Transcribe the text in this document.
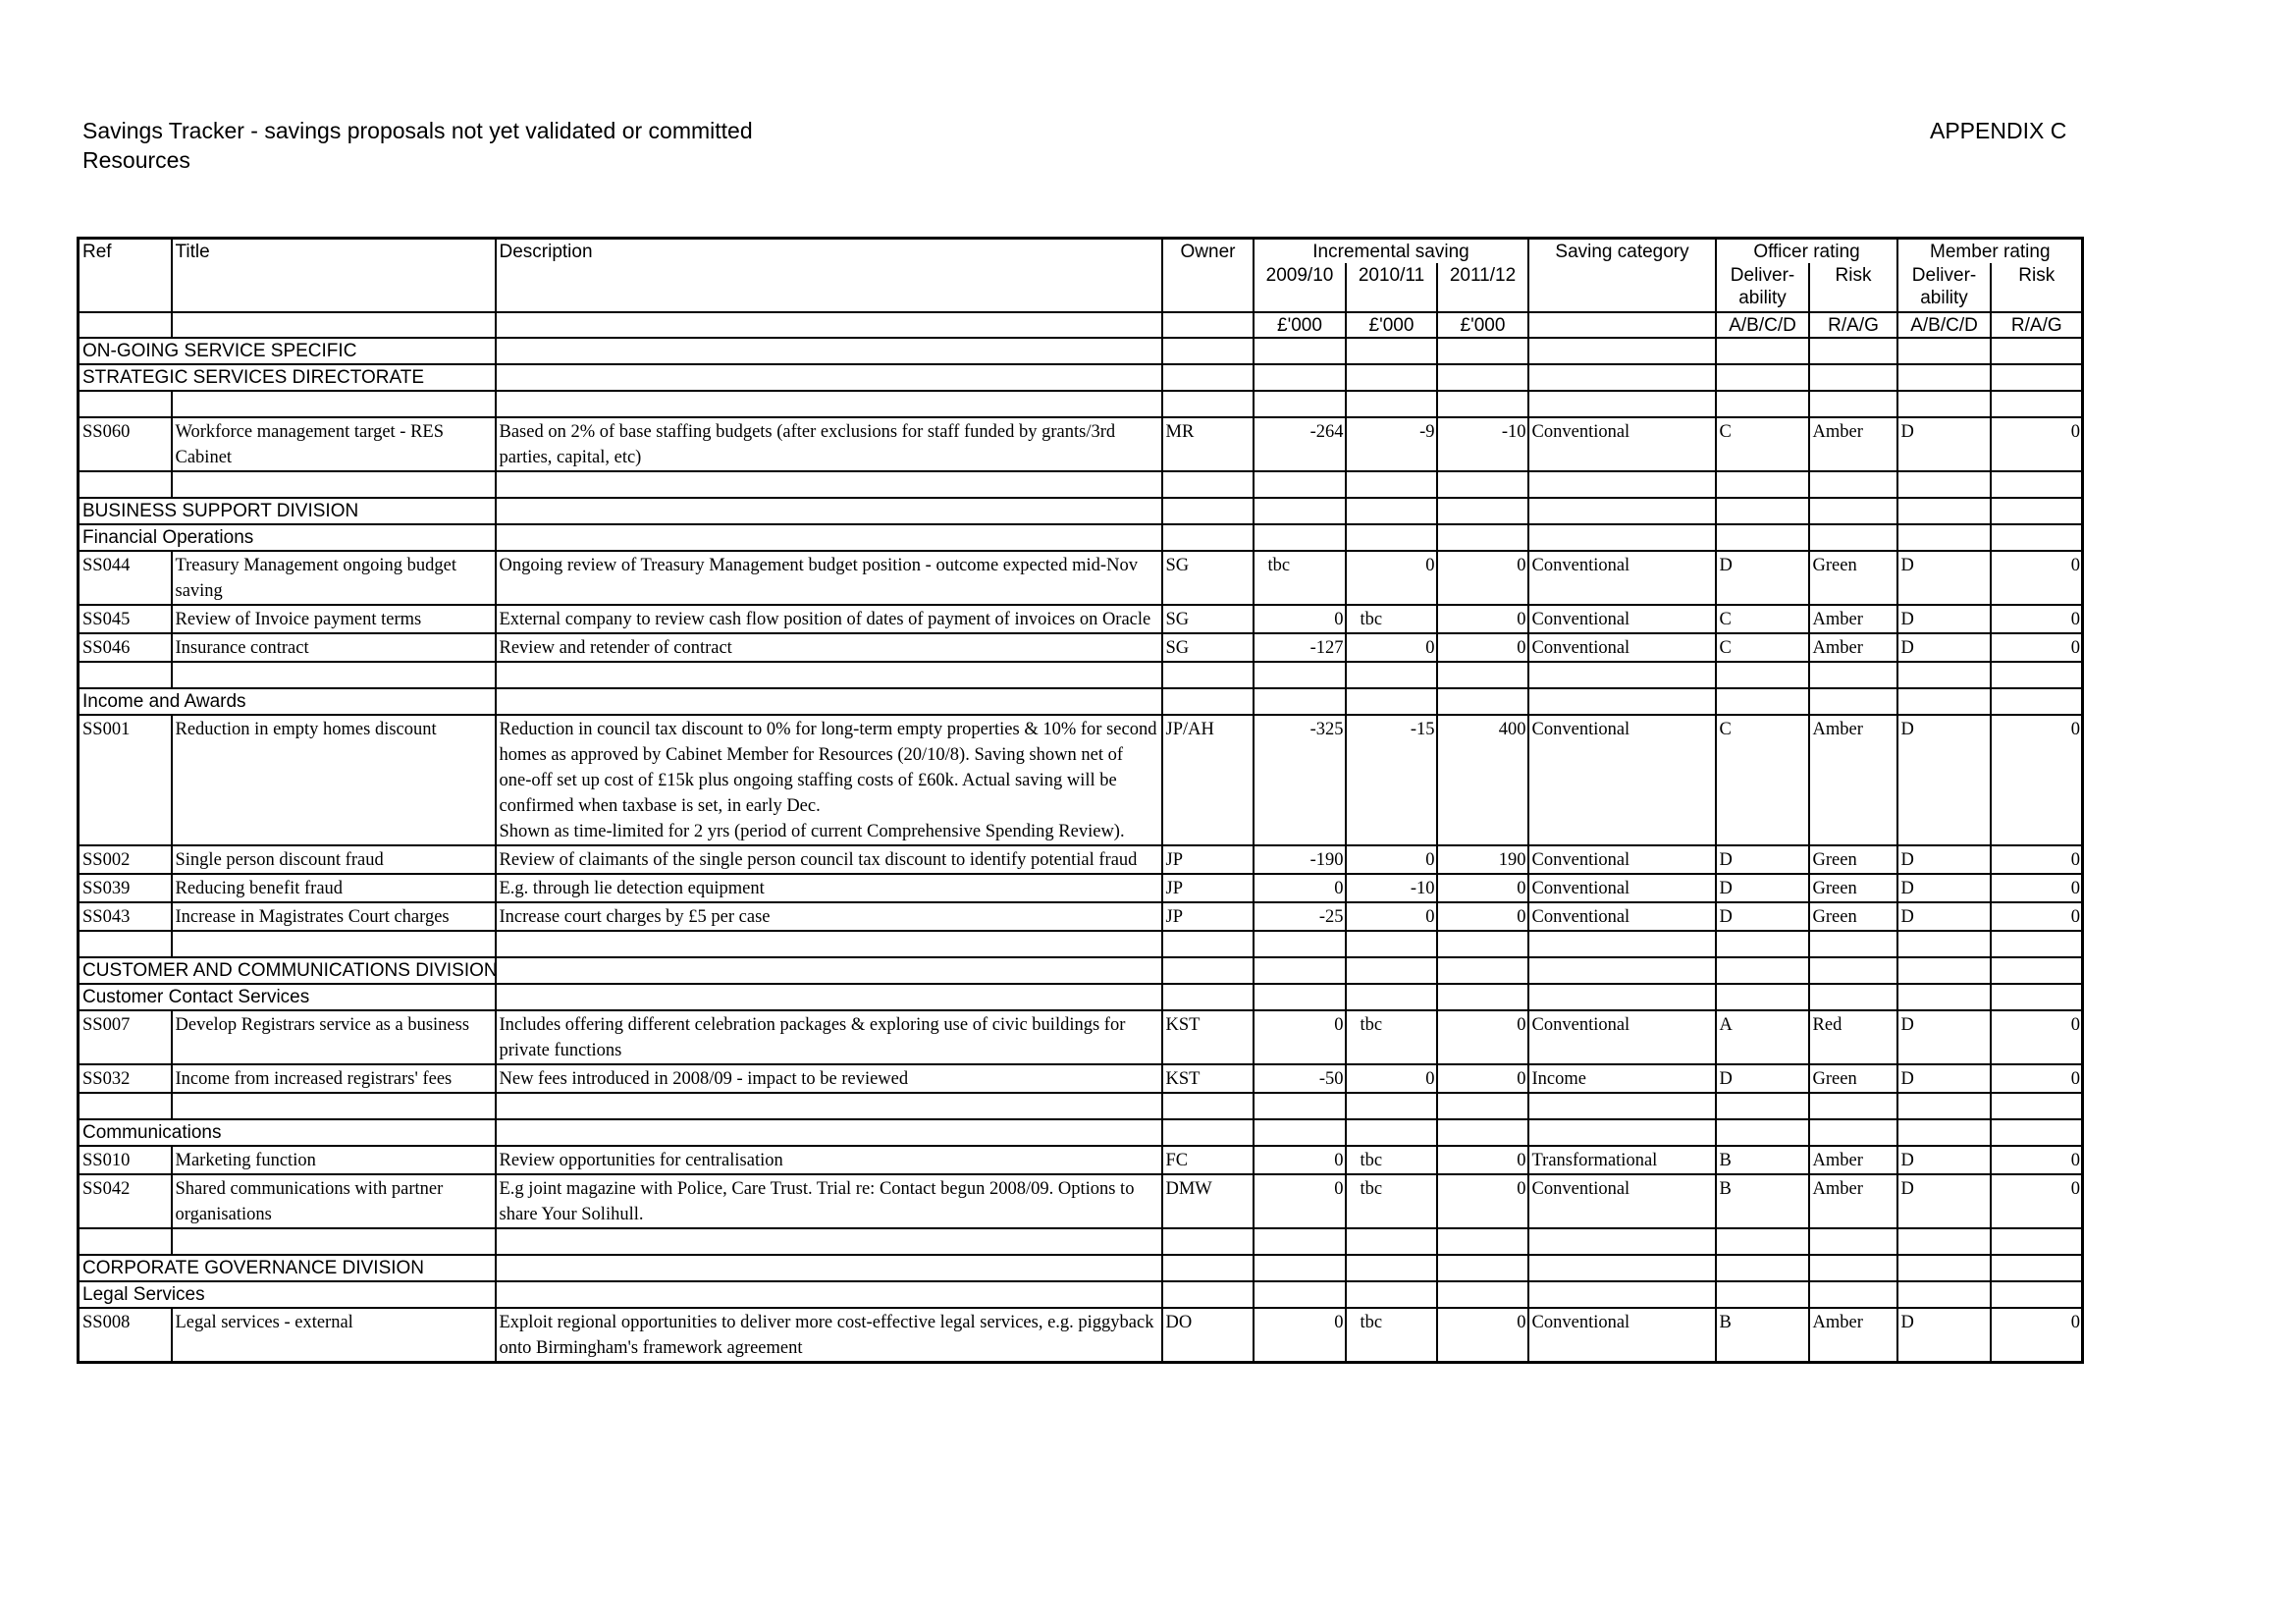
Savings Tracker - savings proposals not yet validated or committed
Resources
APPENDIX C
Ref	Title	Description	Owner	Incremental saving			Saving category	Officer rating		Member rating	
				2009/10	2010/11	2011/12		Deliver- ability	Risk	Deliver- ability	Risk
				£'000	£'000	£'000		A/B/C/D	R/A/G	A/B/C/D	R/A/G
ON-GOING SERVICE SPECIFIC											
STRATEGIC SERVICES DIRECTORATE											

SS060	Workforce management target - RES Cabinet	Based on 2% of base staffing budgets (after exclusions for staff funded by grants/3rd parties, capital, etc)	MR	-264	-9	-10	Conventional	C	Amber	D	0

BUSINESS SUPPORT DIVISION											
Financial Operations											
SS044	Treasury Management ongoing budget saving	Ongoing review of Treasury Management budget position - outcome expected mid-Nov	SG	tbc	0	0	Conventional	D	Green	D	0
SS045	Review of Invoice payment terms	External company to review cash flow position of dates of payment of invoices on Oracle	SG	0	tbc	0	Conventional	C	Amber	D	0
SS046	Insurance contract	Review and retender of contract	SG	-127	0	0	Conventional	C	Amber	D	0

Income and Awards											
SS001	Reduction in empty homes discount	Reduction in council tax discount to 0% for long-term empty properties & 10% for second homes as approved by Cabinet Member for Resources (20/10/8). Saving shown net of one-off set up cost of £15k plus ongoing staffing costs of £60k. Actual saving will be confirmed when taxbase is set, in early Dec.
Shown as time-limited for 2 yrs (period of current Comprehensive Spending Review).	JP/AH	-325	-15	400	Conventional	C	Amber	D	0
SS002	Single person discount fraud	Review of claimants of the single person council tax discount to identify potential fraud	JP	-190	0	190	Conventional	D	Green	D	0
SS039	Reducing benefit fraud	E.g. through lie detection equipment	JP	0	-10	0	Conventional	D	Green	D	0
SS043	Increase in Magistrates Court charges	Increase court charges by £5 per case	JP	-25	0	0	Conventional	D	Green	D	0

CUSTOMER AND COMMUNICATIONS DIVISION											
Customer Contact Services											
SS007	Develop Registrars service as a business	Includes offering different celebration packages & exploring use of civic buildings for private functions	KST	0	tbc	0	Conventional	A	Red	D	0
SS032	Income from increased registrars' fees	New fees introduced in 2008/09 - impact to be reviewed	KST	-50	0	0	Income	D	Green	D	0

Communications											
SS010	Marketing function	Review opportunities for centralisation	FC	0	tbc	0	Transformational	B	Amber	D	0
SS042	Shared communications with partner organisations	E.g joint magazine with Police, Care Trust. Trial re: Contact begun 2008/09. Options to share Your Solihull.	DMW	0	tbc	0	Conventional	B	Amber	D	0

CORPORATE GOVERNANCE DIVISION											
Legal Services											
SS008	Legal services - external	Exploit regional opportunities to deliver more cost-effective legal services, e.g. piggyback onto Birmingham's framework agreement	DO	0	tbc	0	Conventional	B	Amber	D	0
